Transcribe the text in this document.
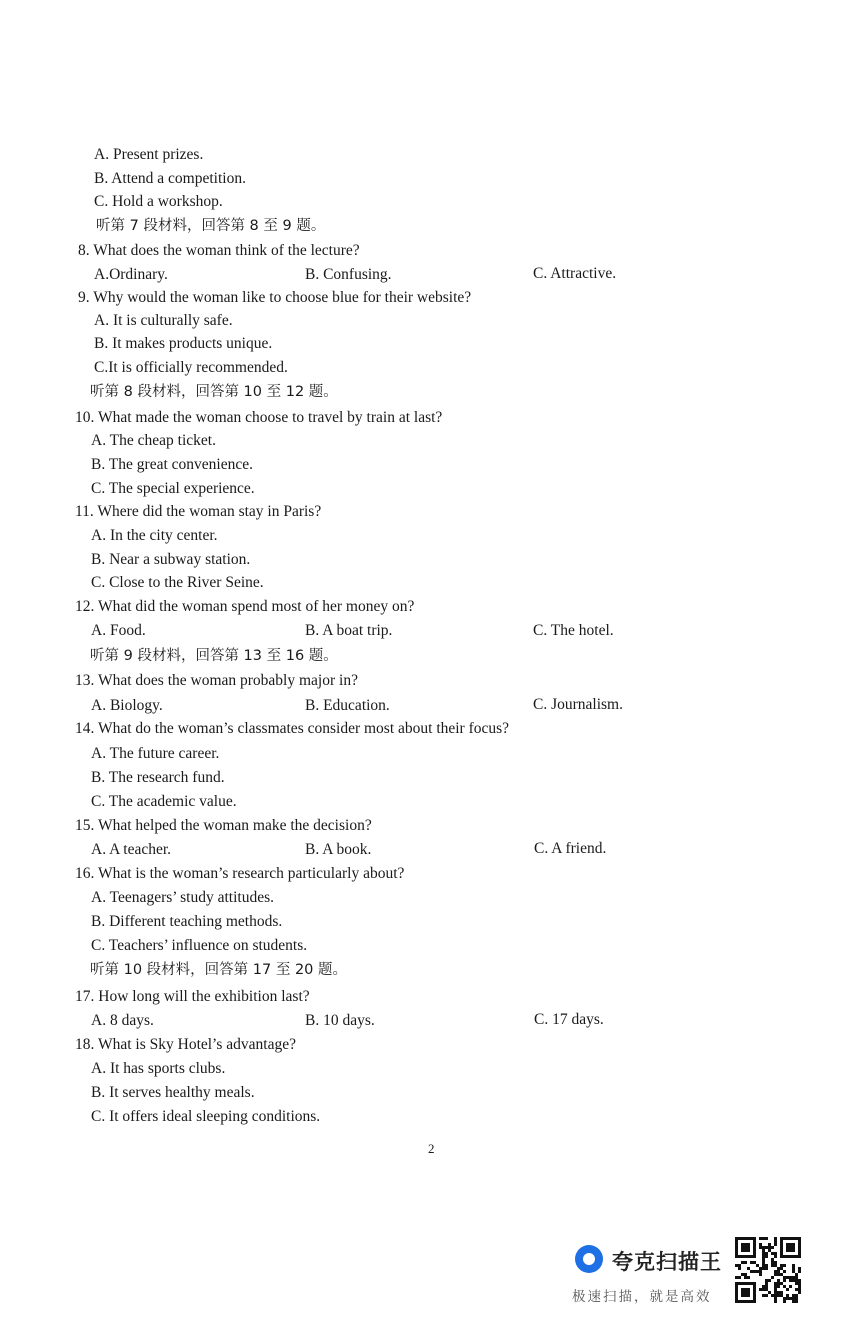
A. Present prizes.
B. Attend a competition.
C. Hold a workshop.
听第 7 段材料，回答第 8 至 9 题。
8. What does the woman think of the lecture?
A.Ordinary.	B. Confusing.	C. Attractive.
9. Why would the woman like to choose blue for their website?
A. It is culturally safe.
B. It makes products unique.
C.It is officially recommended.
听第 8 段材料，回答第 10 至 12 题。
10. What made the woman choose to travel by train at last?
A. The cheap ticket.
B. The great convenience.
C. The special experience.
11. Where did the woman stay in Paris?
A. In the city center.
B. Near a subway station.
C. Close to the River Seine.
12. What did the woman spend most of her money on?
A. Food.	B. A boat trip.	C. The hotel.
听第 9 段材料，回答第 13 至 16 题。
13. What does the woman probably major in?
A. Biology.	B. Education.	C. Journalism.
14. What do the woman’s classmates consider most about their focus?
A. The future career.
B. The research fund.
C. The academic value.
15. What helped the woman make the decision?
A. A teacher.	B. A book.	C. A friend.
16. What is the woman’s research particularly about?
A. Teenagers’ study attitudes.
B. Different teaching methods.
C. Teachers’ influence on students.
听第 10 段材料，回答第 17 至 20 题。
17. How long will the exhibition last?
A. 8 days.	B. 10 days.	C. 17 days.
18. What is Sky Hotel’s advantage?
A. It has sports clubs.
B. It serves healthy meals.
C. It offers ideal sleeping conditions.
2
夸克扫描王
极速扫描，就是高效
